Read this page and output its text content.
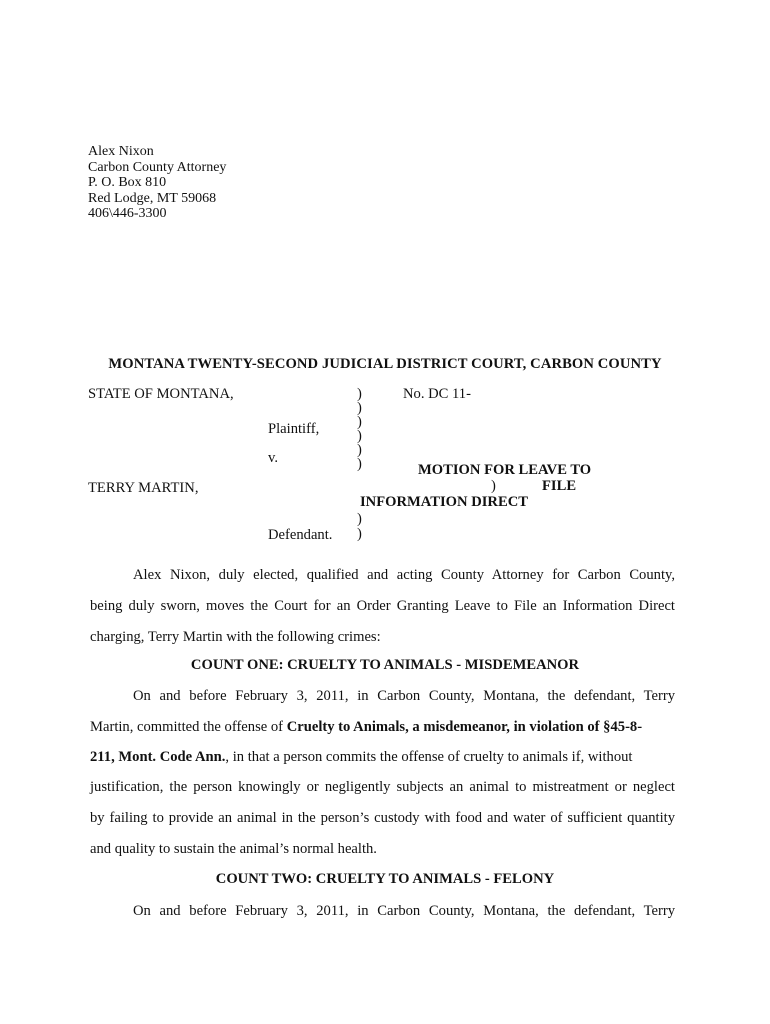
Alex Nixon
Carbon County Attorney
P. O. Box 810
Red Lodge, MT 59068
406\446-3300
MONTANA TWENTY-SECOND JUDICIAL DISTRICT COURT, CARBON COUNTY
STATE OF MONTANA,	No. DC 11-
Plaintiff,
v.
TERRY MARTIN,
Defendant.
MOTION FOR LEAVE TO
)	FILE
INFORMATION DIRECT
)
)
)
)
)
)
)
)
Alex Nixon, duly elected, qualified and acting County Attorney for Carbon County,
being duly sworn, moves the Court for an Order Granting Leave to File an Information Direct
charging, Terry Martin with the following crimes:
COUNT ONE: CRUELTY TO ANIMALS - MISDEMEANOR
On and before February 3, 2011, in Carbon County, Montana, the defendant, Terry
Martin, committed the offense of Cruelty to Animals, a misdemeanor, in violation of §45-8-
211, Mont. Code Ann., in that a person commits the offense of cruelty to animals if, without
justification, the person knowingly or negligently subjects an animal to mistreatment or neglect
by failing to provide an animal in the person’s custody with food and water of sufficient quantity
and quality to sustain the animal’s normal health.
COUNT TWO: CRUELTY TO ANIMALS - FELONY
On and before February 3, 2011, in Carbon County, Montana, the defendant, Terry
